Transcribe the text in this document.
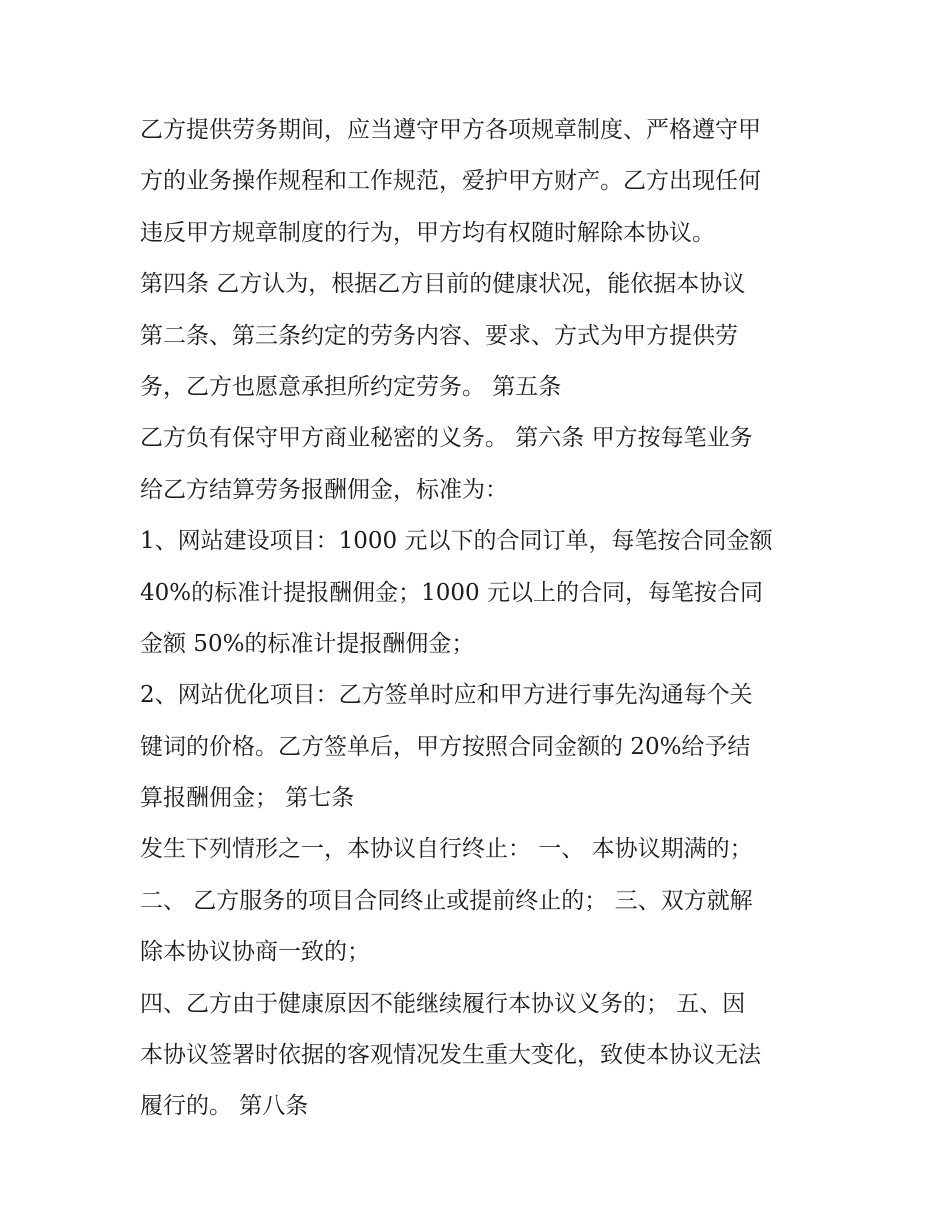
乙方提供劳务期间，应当遵守甲方各项规章制度、严格遵守甲
方的业务操作规程和工作规范，爱护甲方财产。乙方出现任何
违反甲方规章制度的行为，甲方均有权随时解除本协议。
第四条 乙方认为，根据乙方目前的健康状况，能依据本协议
第二条、第三条约定的劳务内容、要求、方式为甲方提供劳
务，乙方也愿意承担所约定劳务。 第五条
乙方负有保守甲方商业秘密的义务。 第六条 甲方按每笔业务
给乙方结算劳务报酬佣金，标准为：
1、网站建设项目：1000 元以下的合同订单，每笔按合同金额
40%的标准计提报酬佣金；1000 元以上的合同，每笔按合同
金额 50%的标准计提报酬佣金；
2、网站优化项目：乙方签单时应和甲方进行事先沟通每个关
键词的价格。乙方签单后，甲方按照合同金额的 20%给予结
算报酬佣金； 第七条
发生下列情形之一，本协议自行终止： 一、 本协议期满的；
二、 乙方服务的项目合同终止或提前终止的； 三、双方就解
除本协议协商一致的；
四、乙方由于健康原因不能继续履行本协议义务的； 五、因
本协议签署时依据的客观情况发生重大变化，致使本协议无法
履行的。 第八条
